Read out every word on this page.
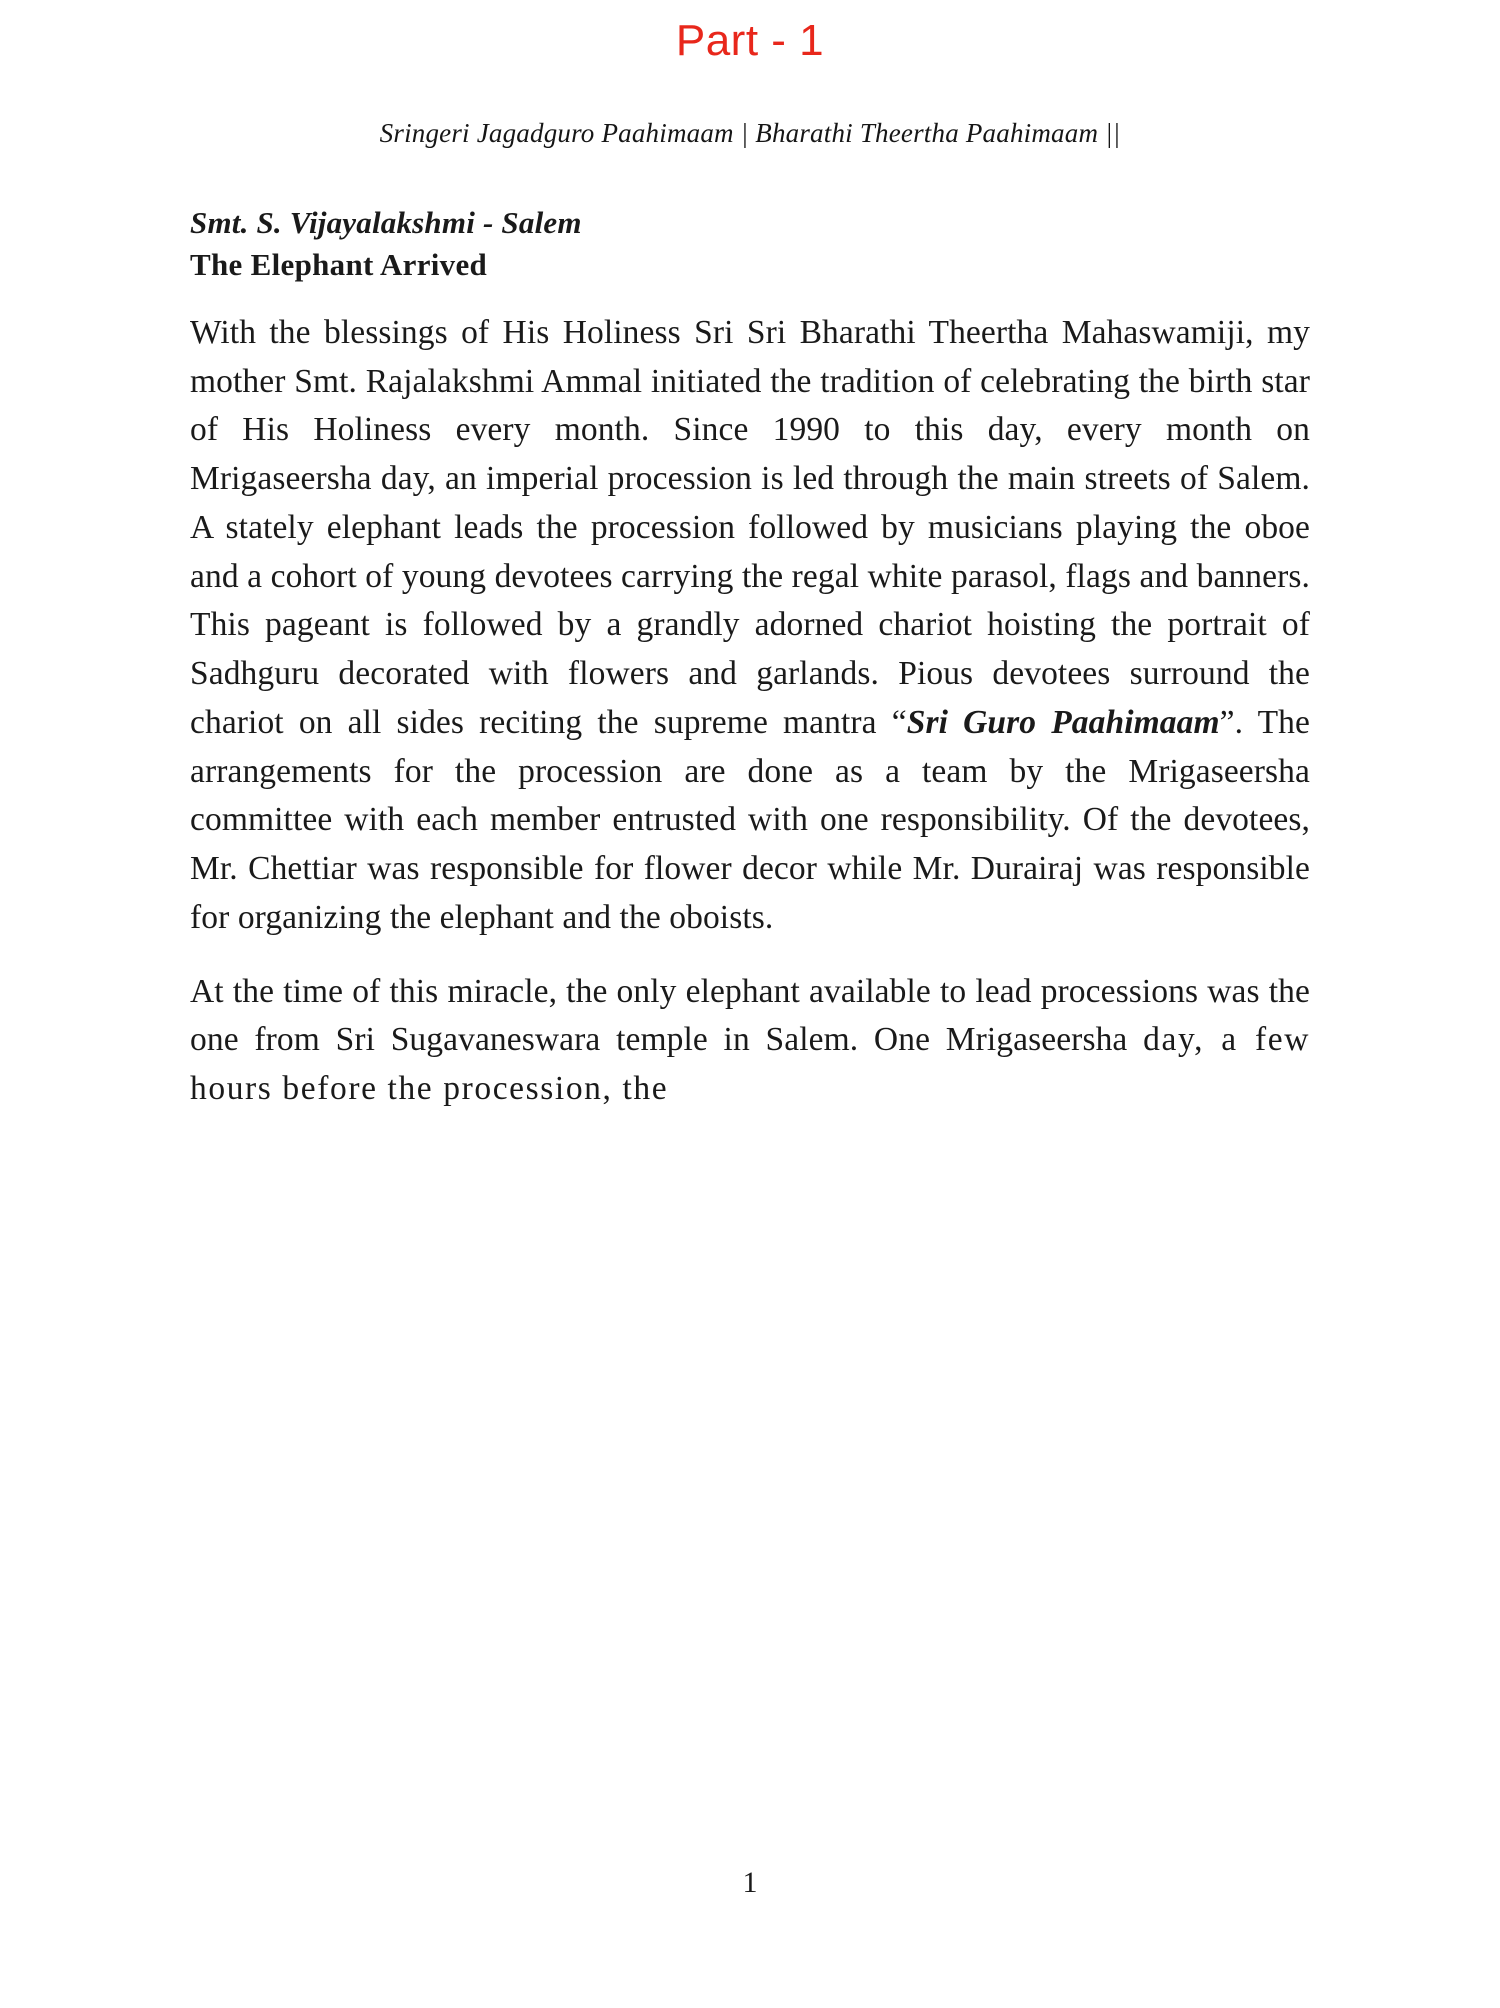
Part - 1
Sringeri Jagadguro Paahimaam | Bharathi Theertha Paahimaam ||
Smt. S. Vijayalakshmi - Salem
The Elephant Arrived

With the blessings of His Holiness Sri Sri Bharathi Theertha Mahaswamiji, my mother Smt. Rajalakshmi Ammal initiated the tradition of celebrating the birth star of His Holiness every month. Since 1990 to this day, every month on Mrigaseersha day, an imperial procession is led through the main streets of Salem. A stately elephant leads the procession followed by musicians playing the oboe and a cohort of young devotees carrying the regal white parasol, flags and banners. This pageant is followed by a grandly adorned chariot hoisting the portrait of Sadhguru decorated with flowers and garlands. Pious devotees surround the chariot on all sides reciting the supreme mantra “Sri Guro Paahimaam”. The arrangements for the procession are done as a team by the Mrigaseersha committee with each member entrusted with one responsibility. Of the devotees, Mr. Chettiar was responsible for flower decor while Mr. Durairaj was responsible for organizing the elephant and the oboists.

At the time of this miracle, the only elephant available to lead processions was the one from Sri Sugavaneswara temple in Salem. One Mrigaseersha day, a few hours before the procession, the

1
